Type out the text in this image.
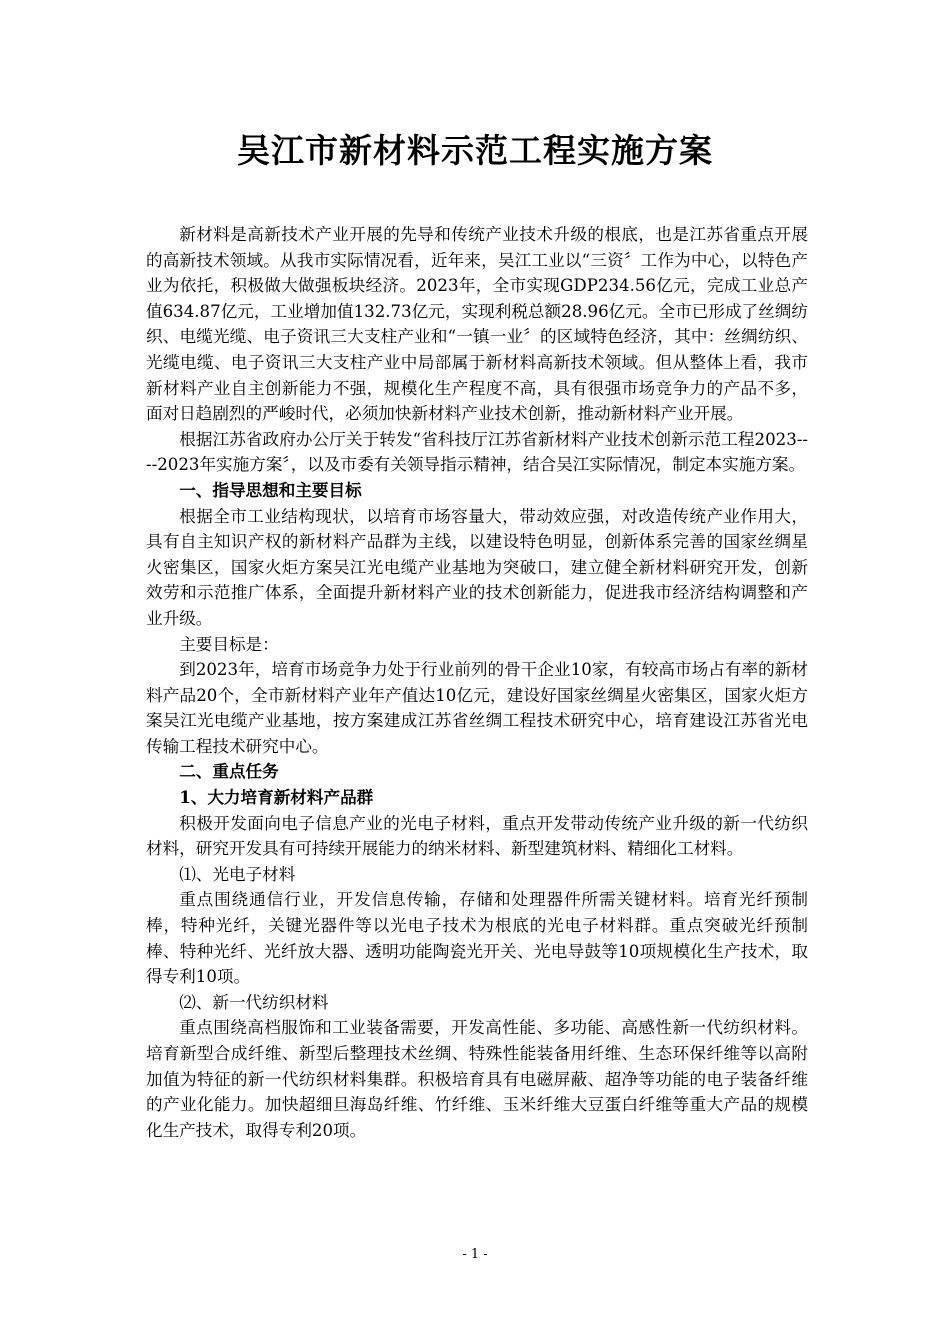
吴江市新材料示范工程实施方案

新材料是高新技术产业开展的先导和传统产业技术升级的根底，也是江苏省重点开展的高新技术领域。从我市实际情况看，近年来，吴江工业以“三资〞工作为中心，以特色产业为依托，积极做大做强板块经济。2023年，全市实现GDP234.56亿元，完成工业总产值634.87亿元，工业增加值132.73亿元，实现利税总额28.96亿元。全市已形成了丝绸纺织、电缆光缆、电子资讯三大支柱产业和“一镇一业〞的区域特色经济，其中：丝绸纺织、光缆电缆、电子资讯三大支柱产业中局部属于新材料高新技术领域。但从整体上看，我市新材料产业自主创新能力不强，规模化生产程度不高，具有很强市场竞争力的产品不多，面对日趋剧烈的严峻时代，必须加快新材料产业技术创新，推动新材料产业开展。

根据江苏省政府办公厅关于转发“省科技厅江苏省新材料产业技术创新示范工程2023----2023年实施方案〞，以及市委有关领导指示精神，结合吴江实际情况，制定本实施方案。

一、指导思想和主要目标

根据全市工业结构现状，以培育市场容量大，带动效应强，对改造传统产业作用大，具有自主知识产权的新材料产品群为主线，以建设特色明显，创新体系完善的国家丝绸星火密集区，国家火炬方案吴江光电缆产业基地为突破口，建立健全新材料研究开发，创新效劳和示范推广体系，全面提升新材料产业的技术创新能力，促进我市经济结构调整和产业升级。

主要目标是：

到2023年，培育市场竞争力处于行业前列的骨干企业10家，有较高市场占有率的新材料产品20个，全市新材料产业年产值达10亿元，建设好国家丝绸星火密集区，国家火炬方案吴江光电缆产业基地，按方案建成江苏省丝绸工程技术研究中心，培育建设江苏省光电传输工程技术研究中心。

二、重点任务

1、大力培育新材料产品群

积极开发面向电子信息产业的光电子材料，重点开发带动传统产业升级的新一代纺织材料，研究开发具有可持续开展能力的纳米材料、新型建筑材料、精细化工材料。

⑴、光电子材料

重点围绕通信行业，开发信息传输，存储和处理器件所需关键材料。培育光纤预制棒，特种光纤，关键光器件等以光电子技术为根底的光电子材料群。重点突破光纤预制棒、特种光纤、光纤放大器、透明功能陶瓷光开关、光电导鼓等10项规模化生产技术，取得专利10项。

⑵、新一代纺织材料

重点围绕高档服饰和工业装备需要，开发高性能、多功能、高感性新一代纺织材料。培育新型合成纤维、新型后整理技术丝绸、特殊性能装备用纤维、生态环保纤维等以高附加值为特征的新一代纺织材料集群。积极培育具有电磁屏蔽、超净等功能的电子装备纤维的产业化能力。加快超细旦海岛纤维、竹纤维、玉米纤维大豆蛋白纤维等重大产品的规模化生产技术，取得专利20项。

- 1 -
